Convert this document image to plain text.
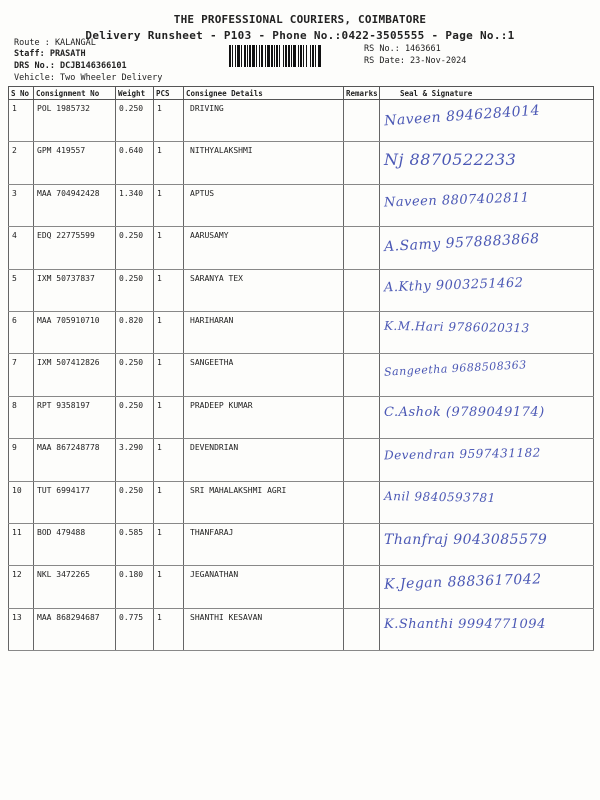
THE PROFESSIONAL COURIERS, COIMBATORE
Delivery Runsheet - P103 - Phone No.:0422-3505555 - Page No.:1
Route : KALANGAL
Staff: PRASATH
DRS No.: DCJB146366101
Vehicle: Two Wheeler Delivery
RS No.: 1463661
RS Date: 23-Nov-2024
S No	Consignment No	Weight	PCS	Consignee Details	Remarks	Seal & Signature
1	POL 1985732	0.250	1	DRIVING		Naveen 8946284014

2	GPM 419557	0.640	1	NITHYALAKSHMI		Nj 8870522233

3	MAA 704942428	1.340	1	APTUS		Naveen 8807402811

4	EDQ 22775599	0.250	1	AARUSAMY		A.Samy 9578883868

5	IXM 50737837	0.250	1	SARANYA TEX		A.Kthy 9003251462

6	MAA 705910710	0.820	1	HARIHARAN		K.M.Hari 9786020313

7	IXM 507412826	0.250	1	SANGEETHA		Sangeetha 9688508363

8	RPT 9358197	0.250	1	PRADEEP KUMAR		C.Ashok (9789049174)

9	MAA 867248778	3.290	1	DEVENDRIAN		Devendran 9597431182

10	TUT 6994177	0.250	1	SRI MAHALAKSHMI AGRI		Anil 9840593781

11	BOD 479488	0.585	1	THANFARAJ		Thanfraj 9043085579

12	NKL 3472265	0.180	1	JEGANATHAN		K.Jegan 8883617042

13	MAA 868294687	0.775	1	SHANTHI KESAVAN		K.Shanthi 9994771094
